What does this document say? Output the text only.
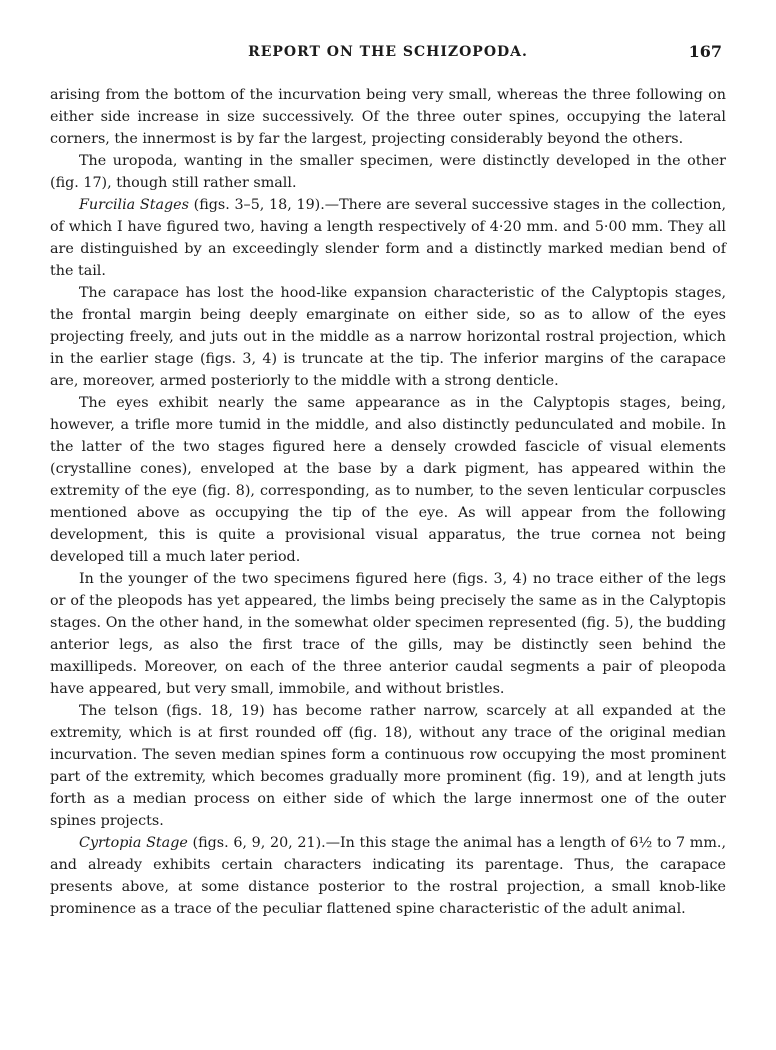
REPORT ON THE SCHIZOPODA.	167

arising from the bottom of the incurvation being very small, whereas the three following on either side increase in size successively. Of the three outer spines, occupying the lateral corners, the innermost is by far the largest, projecting considerably beyond the others.

The uropoda, wanting in the smaller specimen, were distinctly developed in the other (fig. 17), though still rather small.

Furcilia Stages (figs. 3–5, 18, 19).—There are several successive stages in the collection, of which I have figured two, having a length respectively of 4·20 mm. and 5·00 mm. They all are distinguished by an exceedingly slender form and a distinctly marked median bend of the tail.

The carapace has lost the hood-like expansion characteristic of the Calyptopis stages, the frontal margin being deeply emarginate on either side, so as to allow of the eyes projecting freely, and juts out in the middle as a narrow horizontal rostral projection, which in the earlier stage (figs. 3, 4) is truncate at the tip. The inferior margins of the carapace are, moreover, armed posteriorly to the middle with a strong denticle.

The eyes exhibit nearly the same appearance as in the Calyptopis stages, being, however, a trifle more tumid in the middle, and also distinctly pedunculated and mobile. In the latter of the two stages figured here a densely crowded fascicle of visual elements (crystalline cones), enveloped at the base by a dark pigment, has appeared within the extremity of the eye (fig. 8), corresponding, as to number, to the seven lenticular corpuscles mentioned above as occupying the tip of the eye. As will appear from the following development, this is quite a provisional visual apparatus, the true cornea not being developed till a much later period.

In the younger of the two specimens figured here (figs. 3, 4) no trace either of the legs or of the pleopods has yet appeared, the limbs being precisely the same as in the Calyptopis stages. On the other hand, in the somewhat older specimen represented (fig. 5), the budding anterior legs, as also the first trace of the gills, may be distinctly seen behind the maxillipeds. Moreover, on each of the three anterior caudal segments a pair of pleopoda have appeared, but very small, immobile, and without bristles.

The telson (figs. 18, 19) has become rather narrow, scarcely at all expanded at the extremity, which is at first rounded off (fig. 18), without any trace of the original median incurvation. The seven median spines form a continuous row occupying the most prominent part of the extremity, which becomes gradually more prominent (fig. 19), and at length juts forth as a median process on either side of which the large innermost one of the outer spines projects.

Cyrtopia Stage (figs. 6, 9, 20, 21).—In this stage the animal has a length of 6½ to 7 mm., and already exhibits certain characters indicating its parentage. Thus, the carapace presents above, at some distance posterior to the rostral projection, a small knob-like prominence as a trace of the peculiar flattened spine characteristic of the adult animal.
